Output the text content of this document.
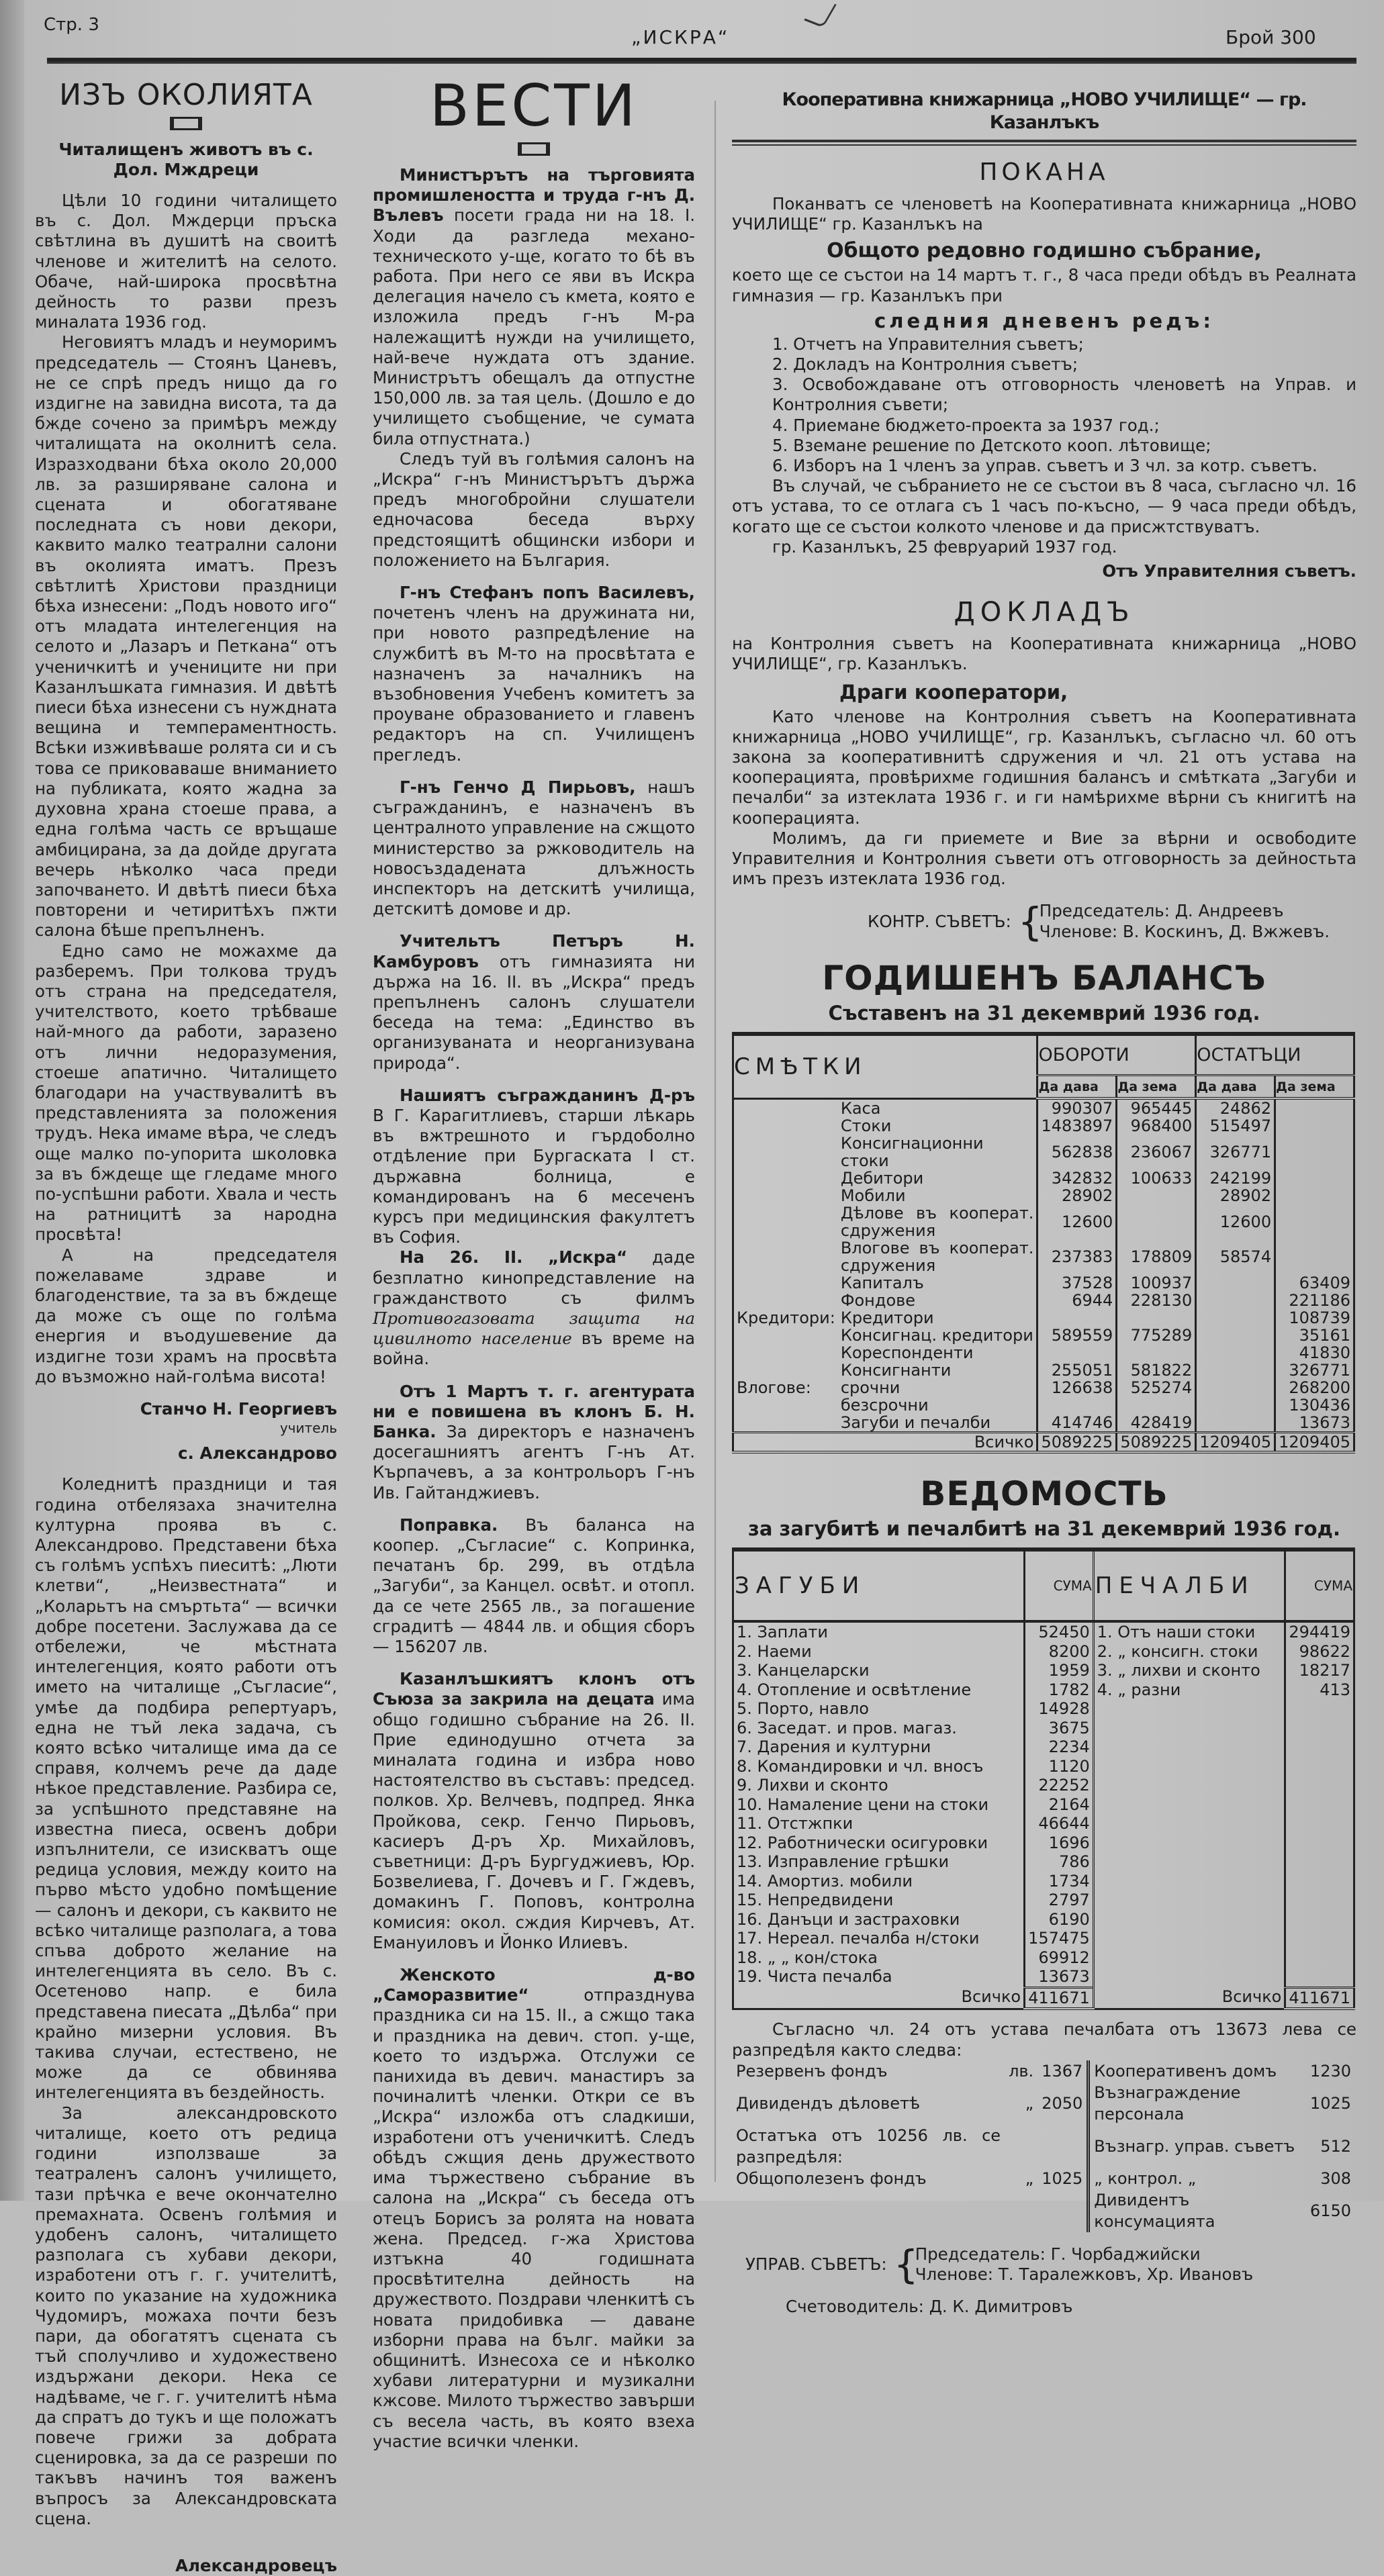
Стр. 3
„ИСКРА“	Брой 300
ИЗЪ ОКОЛИЯТА
Читалищенъ животъ въ с. Дол. Мждреци

Цѣли 10 години читалището въ с. Дол. Мждерци пръска свѣтлина въ душитѣ на своитѣ членове и жителитѣ на селото. Обаче, най-широка просвѣтна дейность то разви презъ миналата 1936 год.

Неговиятъ младъ и неуморимъ председатель — Стоянъ Цаневъ, не се спрѣ предъ нищо да го издигне на завидна висота, та да бжде сочено за примѣръ между читалищата на околнитѣ села. Изразходвани бѣха около 20,000 лв. за разширяване салона и сцената и обогатяване последната съ нови декори, каквито малко театрални салони въ околията иматъ. Презъ свѣтлитѣ Христови праздници бѣха изнесени: „Подъ новото иго“ отъ младата интелегенция на селото и „Лазаръ и Петкана“ отъ ученичкитѣ и учениците ни при Казанлъшката гимназия. И двѣтѣ пиеси бѣха изнесени съ нуждната вещина и темпераментность. Всѣки изживѣваше ролята си и съ това се приковаваше вниманието на публиката, която жадна за духовна храна стоеше права, а една голѣма часть се връщаше амбицирана, за да дойде другата вечерь нѣколко часа преди започването. И двѣтѣ пиеси бѣха повторени и четиритѣхъ пжти салона бѣше препълненъ.

Едно само не можахме да разберемъ. При толкова трудъ отъ страна на председателя, учителството, което трѣбваше най-много да работи, заразено отъ лични недоразумения, стоеше апатично. Читалището благодари на участвувалитѣ въ представленията за положения трудъ. Нека имаме вѣра, че следъ още малко по-упорита школовка за въ бждеще ще гледаме много по-успѣшни работи. Хвала и честь на ратницитѣ за народна просвѣта!

А на председателя пожелаваме здраве и благоденствие, та за въ бждеще да може съ още по голѣма енергия и въодушевение да издигне този храмъ на просвѣта до възможно най-голѣма висота!

Станчо Н. Георгиевъ
учитель
с. Александрово

Коледнитѣ праздници и тая година отбелязаха значителна културна проява въ с. Александрово. Представени бѣха съ голѣмъ успѣхъ пиеситѣ: „Люти клетви“, „Неизвестната“ и „Коларьтъ на смъртьта“ — всички добре посетени. Заслужава да се отбележи, че мѣстната интелегенция, която работи отъ името на читалище „Съгласие“, умѣе да подбира репертуаръ, една не тъй лека задача, съ която всѣко читалище има да се справя, колчемъ рече да даде нѣкое представление. Разбира се, за успѣшното представяне на известна пиеса, освенъ добри изпълнители, се изискватъ още редица условия, между които на първо мѣсто удобно помѣщение — салонъ и декори, съ каквито не всѣко читалище разполага, а това спъва доброто желание на интелегенцията въ село. Въ с. Осетеново напр. е била представена пиесата „Дѣлба“ при крайно мизерни условия. Въ такива случаи, естествено, не може да се обвинява интелегенцията въ бездейность.

За александровското читалище, което отъ редица години използваше за театраленъ салонъ училището, тази прѣчка е вече окончателно премахната. Освенъ голѣмия и удобенъ салонъ, читалището разполага съ хубави декори, изработени отъ г. г. учителитѣ, които по указание на художника Чудомиръ, можаха почти безъ пари, да обогатятъ сцената съ тъй сполучливо и художествено издържани декори. Нека се надѣваме, че г. г. учителитѣ нѣма да спратъ до тукъ и ще положатъ повече грижи за добрата сценировка, за да се разреши по такъвъ начинъ тоя важенъ въпросъ за Александровската сцена.

Александровецъ
ВЕСТИ

Министърътъ на търговията промишлеността и труда г-нъ Д. Вълевъ посети града ни на 18. I. Ходи да разгледа механо-техническото у-ще, когато то бѣ въ работа. При него се яви въ Искра делегация начело съ кмета, която е изложила предъ г-нъ М-ра належащитѣ нужди на училището, най-вече нуждата отъ здание. Министрътъ обещалъ да отпустне 150,000 лв. за тая цель. (Дошло е до училището съобщение, че сумата била отпустната.)

Следъ туй въ голѣмия салонъ на „Искра“ г-нъ Министърътъ държа предъ многобройни слушатели едночасова беседа върху предстоящитѣ общински избори и положението на България.

Г-нъ Стефанъ попъ Василевъ, почетенъ членъ на дружината ни, при новото разпредѣление на службитѣ въ М-то на просвѣтата е назначенъ за началникъ на възобновения Учебенъ комитетъ за проуване образованието и главенъ редакторъ на сп. Училищенъ прегледъ.

Г-нъ Генчо Д Пирьовъ, нашъ съгражданинъ, е назначенъ въ централното управление на сжщото министерство за ржководитель на новосъздадената длъжность инспекторъ на детскитѣ училища, детскитѣ домове и др.

Учительтъ Петъръ Н. Камбуровъ отъ гимназията ни държа на 16. II. въ „Искра“ предъ препълненъ салонъ слушатели беседа на тема: „Единство въ организуваната и неорганизувана природа“.

Нашиятъ съгражданинъ Д-ръ В Г. Карагитлиевъ, старши лѣкарь въ вжтрешното и гърдоболно отдѣление при Бургаската I ст. държавна болница, е командированъ на 6 месеченъ курсъ при медицинския факултетъ въ София.

На 26. II. „Искра“ даде безплатно кинопредставление на гражданството съ филмъ Противогазовата защита на цивилното население въ време на война.

Отъ 1 Мартъ т. г. агентурата ни е повишена въ клонъ Б. Н. Банка. За директоръ е назначенъ досегашниятъ агентъ Г-нъ Ат. Кърпачевъ, а за контрольоръ Г-нъ Ив. Гайтанджиевъ.

Поправка. Въ баланса на коопер. „Съгласие“ с. Копринка, печатанъ бр. 299, въ отдѣла „Загуби“, за Канцел. освѣт. и отопл. да се чете 2565 лв., за погашение сградитѣ — 4844 лв. и общия сборъ — 156207 лв.

Казанлъшкиятъ клонъ отъ Съюза за закрила на децата има общо годишно събрание на 26. II. Прие единодушно отчета за миналата година и избра ново настоятелство въ съставъ: председ. полков. Хр. Велчевъ, подпред. Янка Пройкова, секр. Генчо Пирьовъ, касиеръ Д-ръ Хр. Михайловъ, съветници: Д-ръ Бургуджиевъ, Юр. Бозвелиева, Г. Дочевъ и Г. Гждевъ, домакинъ Г. Поповъ, контролна комисия: окол. сждия Кирчевъ, Ат. Емануиловъ и Йонко Илиевъ.

Женското д-во „Саморазвитие“ отпразднува праздника си на 15. II., а сжщо така и праздника на девич. стоп. у-ще, което то издържа. Отслужи се панихида въ девич. манастиръ за починалитѣ членки. Откри се въ „Искра“ изложба отъ сладкиши, изработени отъ ученичкитѣ. Следъ обѣдъ сжщия день дружеството има тържествено събрание въ салона на „Искра“ съ беседа отъ отецъ Борисъ за ролята на новата жена. Председ. г-жа Христова изтъкна 40 годишната просвѣтителна дейность на дружеството. Поздрави членкитѣ съ новата придобивка — даване изборни права на бълг. майки за общинитѣ. Изнесоха се и нѣколко хубави литературни и музикални кжсове. Милото тържество завърши съ весела часть, въ която взеха участие всички членки.

Кооперативна книжарница „НОВО УЧИЛИЩЕ“ — гр. Казанлъкъ
ПОКАНА

Поканватъ се членоветѣ на Кооперативната книжарница „НОВО УЧИЛИЩЕ“ гр. Казанлъкъ на

Общото редовно годишно събрание,

което ще се състои на 14 мартъ т. г., 8 часа преди обѣдъ въ Реалната гимназия — гр. Казанлъкъ при

следния дневенъ редъ:
1. Отчетъ на Управителния съветъ;
2. Докладъ на Контролния съветъ;
3. Освобождаване отъ отговорность членоветѣ на Управ. и Контролния съвети;
4. Приемане бюджето-проекта за 1937 год.;
5. Вземане решение по Детското кооп. лѣтовище;
6. Изборъ на 1 членъ за управ. съветъ и 3 чл. за котр. съветъ.

Въ случай, че събранието не се състои въ 8 часа, съгласно чл. 16 отъ устава, то се отлага съ 1 часъ по-късно, — 9 часа преди обѣдъ, когато ще се състои колкото членове и да присжтствуватъ.

гр. Казанлъкъ, 25 февруарий 1937 год.

Отъ Управителния съветъ.
ДОКЛАДЪ

на Контролния съветъ на Кооперативната книжарница „НОВО УЧИЛИЩЕ“, гр. Казанлъкъ.

Драги кооператори,

Като членове на Контролния съветъ на Кооперативната книжарница „НОВО УЧИЛИЩЕ“, гр. Казанлъкъ, съгласно чл. 60 отъ закона за кооперативнитѣ сдружения и чл. 21 отъ устава на кооперацията, провѣрихме годишния балансъ и смѣтката „Загуби и печалби“ за изтеклата 1936 г. и ги намѣрихме вѣрни съ книгитѣ на кооперацията.

Молимъ, да ги приемете и Вие за вѣрни и освободите Управителния и Контролния съвети отъ отговорность за дейностьта имъ презъ изтеклата 1936 год.

КОНТР. СЪВЕТЪ: {
Председатель: Д. Андреевъ
Членове: В. Коскинъ, Д. Вжжевъ.
ГОДИШЕНЪ БАЛАНСЪ
Съставенъ на 31 декемврий 1936 год.
СМѢТКИ		ОБОРОТИ		ОСТАТЪЦИ	
		Да дава	Да зема	Да дава	Да зема
	Каса	990307	965445	24862	
	Стоки	1483897	968400	515497	
	Консигнационни стоки	562838	236067	326771	
	Дебитори	342832	100633	242199	
	Мобили	28902		28902	
	Дѣлове въ кооперат. сдружения	12600		12600	
	Влогове въ кооперат. сдружения	237383	178809	58574	
	Капиталъ	37528	100937		63409
	Фондове	6944	228130		221186
Кредитори:	Кредитори				108739
	Консигнац. кредитори	589559	775289		35161
	Кореспонденти				41830
	Консигнанти	255051	581822		326771
Влогове:	срочни	126638	525274		268200
	безсрочни				130436
	Загуби и печалби	414746	428419		13673
Всичко		5089225	5089225	1209405	1209405
ВЕДОМОСТЬ
за загубитѣ и печалбитѣ на 31 декемврий 1936 год.
ЗАГУБИ	СУМА	ПЕЧАЛБИ	СУМА
1. Заплати	52450	1. Отъ наши стоки	294419
2. Наеми	8200	2. „ консигн. стоки	98622
3. Канцеларски	1959	3. „ лихви и сконто	18217
4. Отопление и освѣтление	1782	4. „ разни	413
5. Порто, навло	14928		
6. Заседат. и пров. магаз.	3675		
7. Дарения и културни	2234		
8. Командировки и чл. вносъ	1120		
9. Лихви и сконто	22252		
10. Намаление цени на стоки	2164		
11. Отстжпки	46644		
12. Работнически осигуровки	1696		
13. Изправление грѣшки	786		
14. Амортиз. мобили	1734		
15. Непредвидени	2797		
16. Данъци и застраховки	6190		
17. Нереал. печалба н/стоки	157475		
18. „ „ кон/стока	69912		
19. Чиста печалба	13673		
Всичко	411671	Всичко	411671

Съгласно чл. 24 отъ устава печалбата отъ 13673 лева се разпредѣля както следва:

Резервенъ фондъ	лв.	1367	Кооперативенъ домъ	1230
Дивидендъ дѣловетѣ	„	2050	Възнаграждение персонала	1025
Остатъка отъ 10256 лв. се разпредѣля:			Възнагр. управ. съветъ	512
Общополезенъ фондъ	„	1025	„ контрол. „	308
			Дивидентъ консумацията	6150
УПРАВ. СЪВЕТЪ: {
Председатель: Г. Чорбаджийски
Членове: Т. Таралежковъ, Хр. Ивановъ
Счетоводитель: Д. К. Димитровъ
